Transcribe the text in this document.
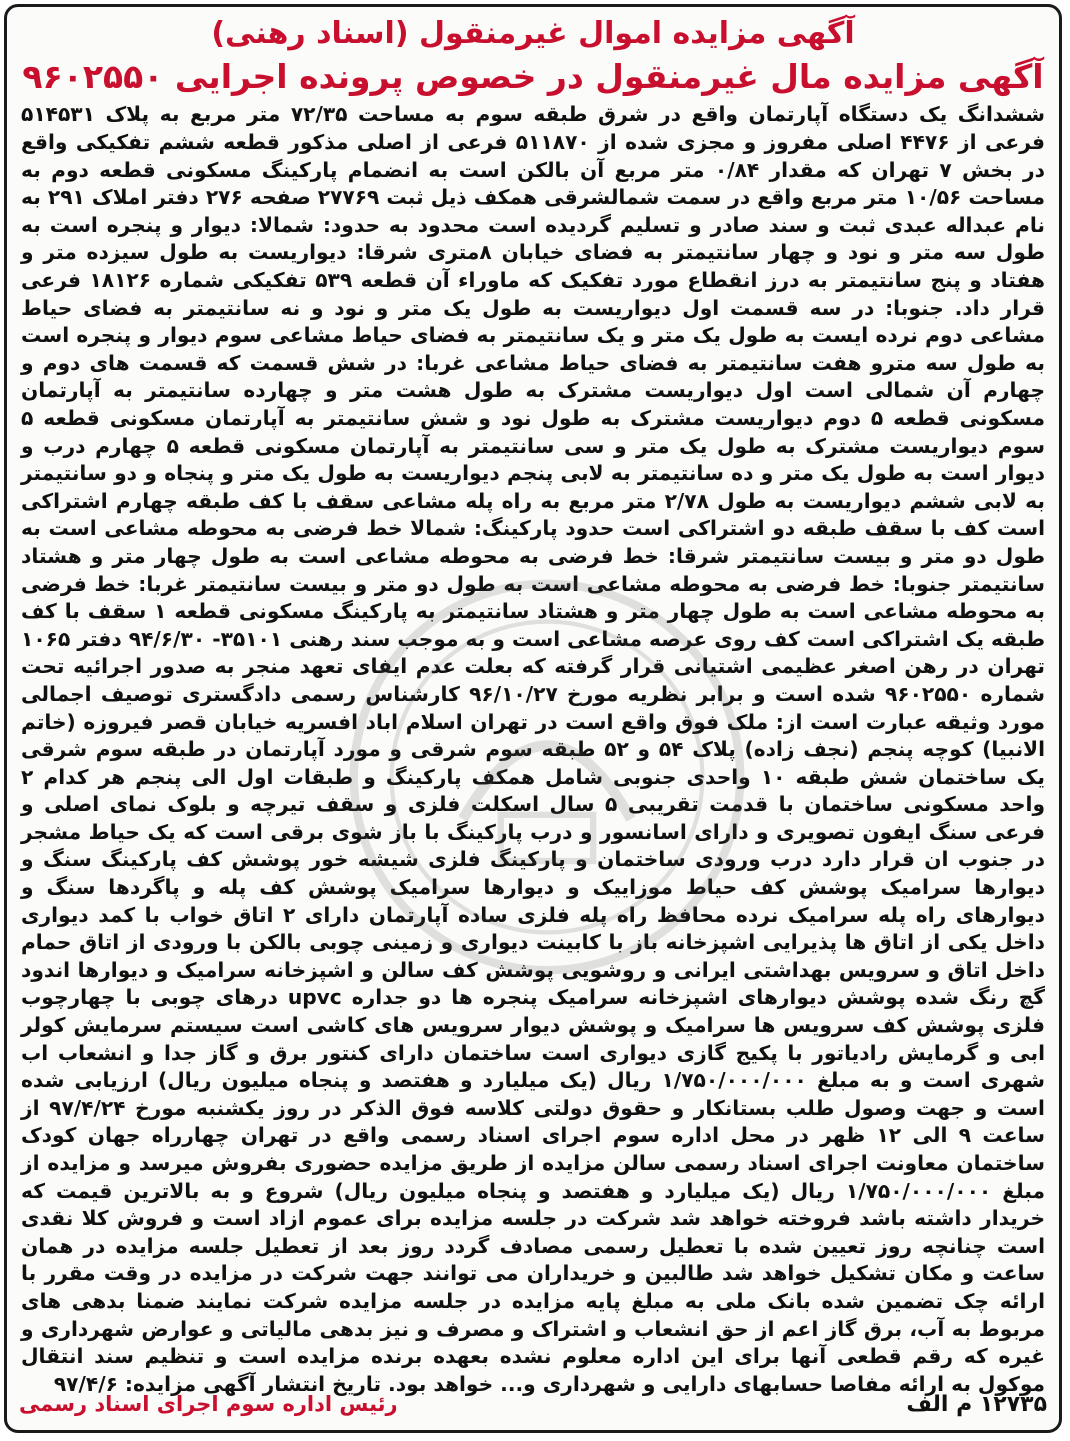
آگهی مزایده اموال غیرمنقول (اسناد رهنی)
آگهی مزایده مال غیرمنقول در خصوص پرونده اجرایی ۹۶۰۲۵۵۰

ششدانگ یک دستگاه آپارتمان واقع در شرق طبقه سوم به مساحت ۷۲/۳۵ متر مربع به پلاک ۵۱۴۵۳۱ فرعی از ۴۴۷۶ اصلی مفروز و مجزی شده از ۵۱۱۸۷۰ فرعی از اصلی مذکور قطعه ششم تفکیکی واقع در بخش ۷ تهران که مقدار ۰/۸۴ متر مربع آن بالکن است به انضمام پارکینگ مسکونی قطعه دوم به مساحت ۱۰/۵۶ متر مربع واقع در سمت شمالشرقی همکف ذیل ثبت ۲۷۷۶۹ صفحه ۲۷۶ دفتر املاک ۲۹۱ به نام عبداله عبدی ثبت و سند صادر و تسلیم گردیده است محدود به حدود: شمالا: دیوار و پنجره است به طول سه متر و نود و چهار سانتیمتر به فضای خیابان ۸متری شرقا: دیواریست به طول سیزده متر و هفتاد و پنج سانتیمتر به درز انقطاع مورد تفکیک که ماوراء آن قطعه ۵۳۹ تفکیکی شماره ۱۸۱۲۶ فرعی قرار داد. جنوبا: در سه قسمت اول دیواریست به طول یک متر و نود و نه سانتیمتر به فضای حیاط مشاعی دوم نرده ایست به طول یک متر و یک سانتیمتر به فضای حیاط مشاعی سوم دیوار و پنجره است به طول سه مترو هفت سانتیمتر به فضای حیاط مشاعی غربا: در شش قسمت که قسمت های دوم و چهارم آن شمالی است اول دیواریست مشترک به طول هشت متر و چهارده سانتیمتر به آپارتمان مسکونی قطعه ۵ دوم دیواریست مشترک به طول نود و شش سانتیمتر به آپارتمان مسکونی قطعه ۵ سوم دیواریست مشترک به طول یک متر و سی سانتیمتر به آپارتمان مسکونی قطعه ۵ چهارم درب و دیوار است به طول یک متر و ده سانتیمتر به لابی پنجم دیواریست به طول یک متر و پنجاه و دو سانتیمتر به لابی ششم دیواریست به طول ۲/۷۸ متر مربع به راه پله مشاعی سقف با کف طبقه چهارم اشتراکی است کف با سقف طبقه دو اشتراکی است حدود پارکینگ: شمالا خط فرضی به محوطه مشاعی است به طول دو متر و بیست سانتیمتر شرقا: خط فرضی به محوطه مشاعی است به طول چهار متر و هشتاد سانتیمتر جنوبا: خط فرضی به محوطه مشاعی است به طول دو متر و بیست سانتیمتر غربا: خط فرضی به محوطه مشاعی است به طول چهار متر و هشتاد سانتیمتر به پارکینگ مسکونی قطعه ۱ سقف با کف طبقه یک اشتراکی است کف روی عرصه مشاعی است و به موجب سند رهنی ۳۵۱۰۱- ۹۴/۶/۳۰ دفتر ۱۰۶۵ تهران در رهن اصغر عظیمی اشتیانی قرار گرفته که بعلت عدم ایفای تعهد منجر به صدور اجرائیه تحت شماره ۹۶۰۲۵۵۰ شده است و برابر نظریه مورخ ۹۶/۱۰/۲۷ کارشناس رسمی دادگستری توصیف اجمالی مورد وثیقه عبارت است از: ملک فوق واقع است در تهران اسلام اباد افسریه خیابان قصر فیروزه (خاتم الانبیا) کوچه پنجم (نجف زاده) پلاک ۵۴ و ۵۲ طبقه سوم شرقی و مورد آپارتمان در طبقه سوم شرقی یک ساختمان شش طبقه ۱۰ واحدی جنوبی شامل همکف پارکینگ و طبقات اول الی پنجم هر کدام ۲ واحد مسکونی ساختمان با قدمت تقریبی ۵ سال اسکلت فلزی و سقف تیرچه و بلوک نمای اصلی و فرعی سنگ ایفون تصویری و دارای اسانسور و درب پارکینگ با باز شوی برقی است که یک حیاط مشجر در جنوب ان قرار دارد درب ورودی ساختمان و پارکینگ فلزی شیشه خور پوشش کف پارکینگ سنگ و دیوارها سرامیک پوشش کف حیاط موزاییک و دیوارها سرامیک پوشش کف پله و پاگردها سنگ و دیوارهای راه پله سرامیک نرده محافظ راه پله فلزی ساده آپارتمان دارای ۲ اتاق خواب با کمد دیواری داخل یکی از اتاق ها پذیرایی اشپزخانه باز با کابینت دیواری و زمینی چوبی بالکن با ورودی از اتاق حمام داخل اتاق و سرویس بهداشتی ایرانی و روشویی پوشش کف سالن و اشپزخانه سرامیک و دیوارها اندود گچ رنگ شده پوشش دیوارهای اشپزخانه سرامیک پنجره ها دو جداره upvc درهای چوبی با چهارچوب فلزی پوشش کف سرویس ها سرامیک و پوشش دیوار سرویس های کاشی است سیستم سرمایش کولر ابی و گرمایش رادیاتور با پکیج گازی دیواری است ساختمان دارای کنتور برق و گاز جدا و انشعاب اب شهری است و به مبلغ ۱/۷۵۰/۰۰۰/۰۰۰ ریال (یک میلیارد و هفتصد و پنجاه میلیون ریال) ارزیابی شده است و جهت وصول طلب بستانکار و حقوق دولتی کلاسه فوق الذکر در روز یکشنبه مورخ ۹۷/۴/۲۴ از ساعت ۹ الی ۱۲ ظهر در محل اداره سوم اجرای اسناد رسمی واقع در تهران چهارراه جهان کودک ساختمان معاونت اجرای اسناد رسمی سالن مزایده از طریق مزایده حضوری بفروش میرسد و مزایده از مبلغ ۱/۷۵۰/۰۰۰/۰۰۰ ریال (یک میلیارد و هفتصد و پنجاه میلیون ریال) شروع و به بالاترین قیمت که خریدار داشته باشد فروخته خواهد شد شرکت در جلسه مزایده برای عموم ازاد است و فروش کلا نقدی است چنانچه روز تعیین شده با تعطیل رسمی مصادف گردد روز بعد از تعطیل جلسه مزایده در همان ساعت و مکان تشکیل خواهد شد طالبین و خریداران می توانند جهت شرکت در مزایده در وقت مقرر با ارائه چک تضمین شده بانک ملی به مبلغ پایه مزایده در جلسه مزایده شرکت نمایند ضمنا بدهی های مربوط به آب، برق گاز اعم از حق انشعاب و اشتراک و مصرف و نیز بدهی مالیاتی و عوارض شهرداری و غیره که رقم قطعی آنها برای این اداره معلوم نشده بعهده برنده مزایده است و تنظیم سند انتقال موکول به ارائه مفاصا حسابهای دارایی و شهرداری و... خواهد بود. تاریخ انتشار آگهی مزایده: ۹۷/۴/۶

۱۲۷۳۵ م الف
رئیس اداره سوم اجرای اسناد رسمی
